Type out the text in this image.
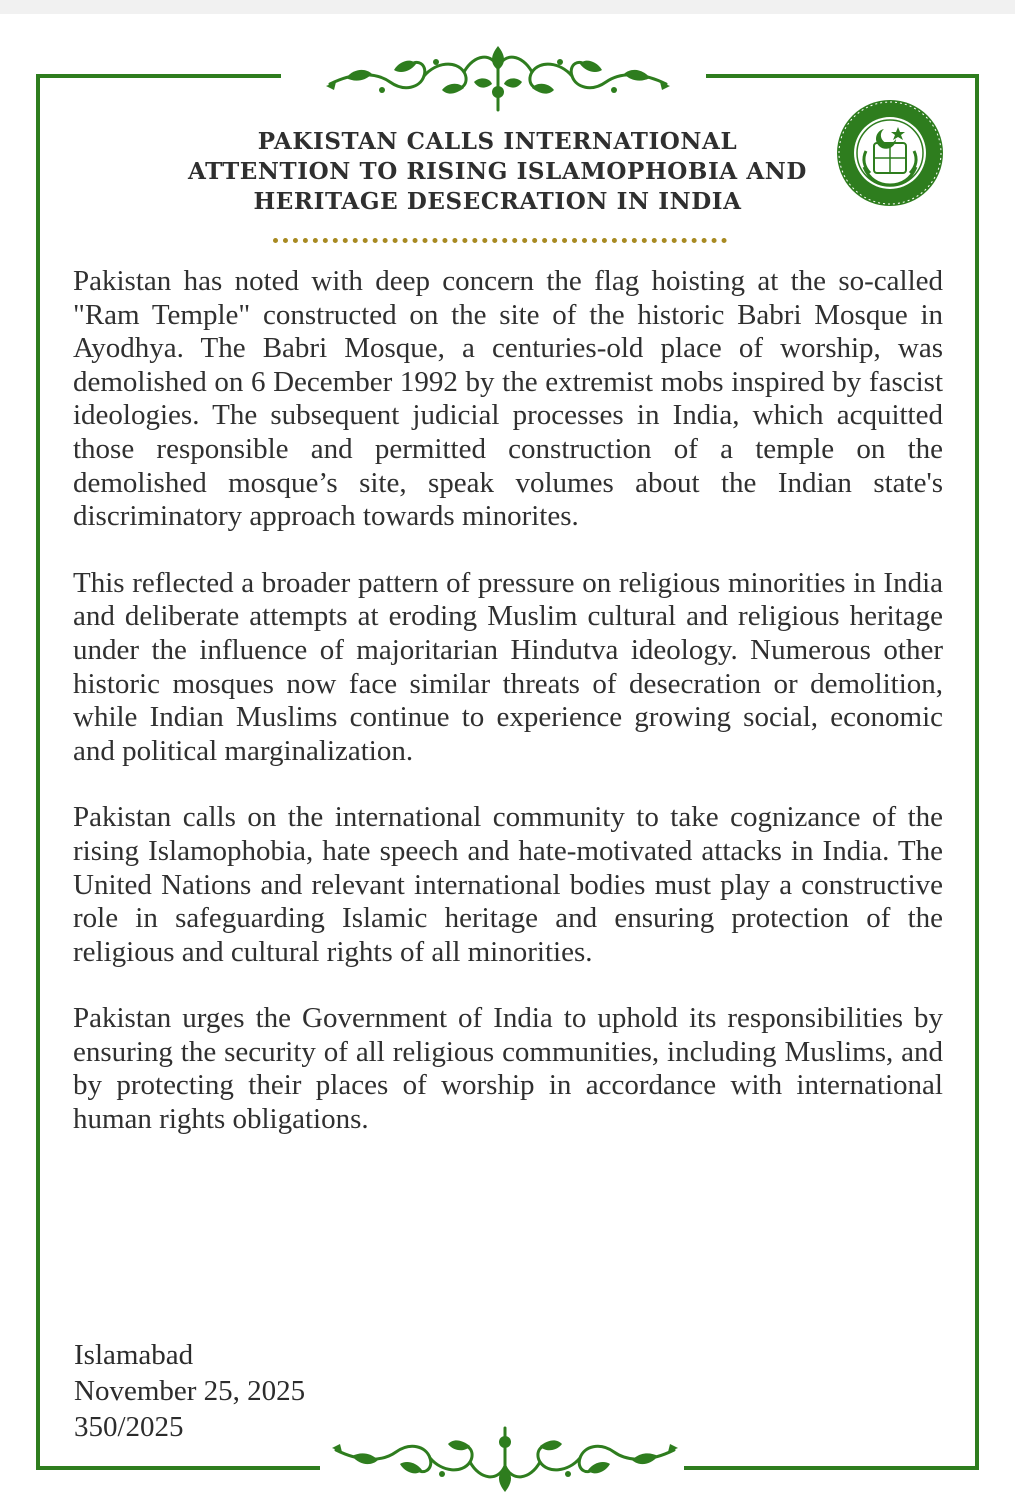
PAKISTAN CALLS INTERNATIONAL
ATTENTION TO RISING ISLAMOPHOBIA AND
HERITAGE DESECRATION IN INDIA

Pakistan has noted with deep concern the flag hoisting at the so-called "Ram Temple" constructed on the site of the historic Babri Mosque in Ayodhya. The Babri Mosque, a centuries-old place of worship, was demolished on 6 December 1992 by the extremist mobs inspired by fascist ideologies. The subsequent judicial processes in India, which acquitted those responsible and permitted construction of a temple on the demolished mosque’s site, speak volumes about the Indian state's discriminatory approach towards minorites.

This reflected a broader pattern of pressure on religious minorities in India and deliberate attempts at eroding Muslim cultural and religious heritage under the influence of majoritarian Hindutva ideology. Numerous other historic mosques now face similar threats of desecration or demolition, while Indian Muslims continue to experience growing social, economic and political marginalization.

Pakistan calls on the international community to take cognizance of the rising Islamophobia, hate speech and hate-motivated attacks in India. The United Nations and relevant international bodies must play a constructive role in safeguarding Islamic heritage and ensuring protection of the religious and cultural rights of all minorities.

Pakistan urges the Government of India to uphold its responsibilities by ensuring the security of all religious communities, including Muslims, and by protecting their places of worship in accordance with international human rights obligations.

Islamabad
November 25, 2025
350/2025
